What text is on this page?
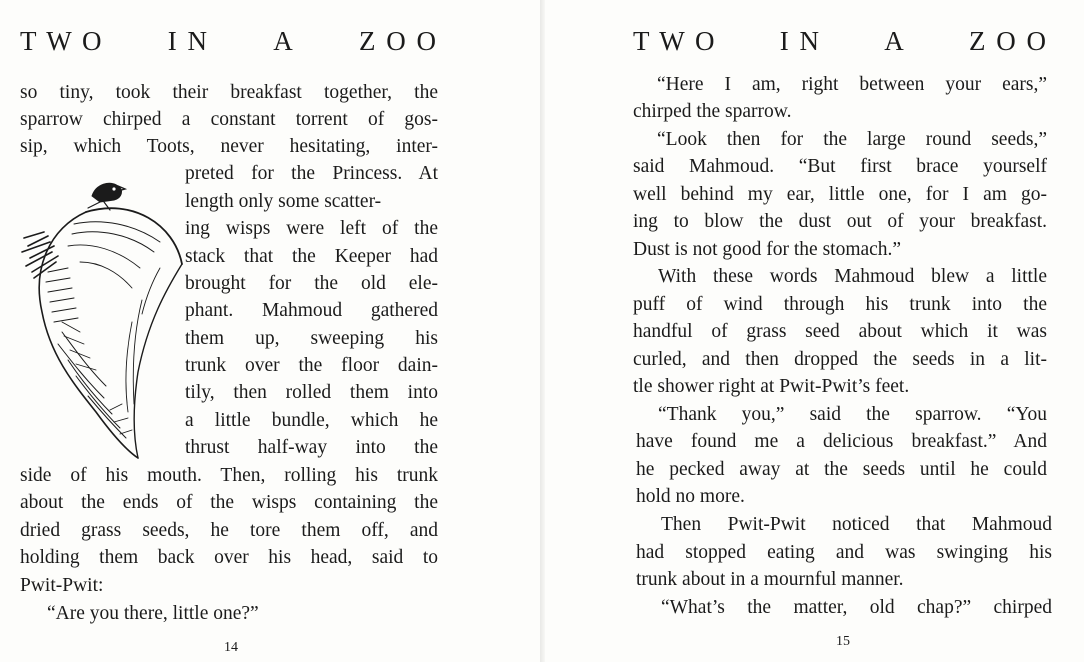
T W O I N A Z O O	T W O I N A Z O O
so tiny, took their breakfast together, the
sparrow chirped a constant torrent of gos-
sip, which Toots, never hesitating, inter-
preted for the Princess. At
length only some scatter-
ing wisps were left of the
stack that the Keeper had
brought for the old ele-
phant. Mahmoud gathered
them up, sweeping his
trunk over the floor dain-
tily, then rolled them into
a little bundle, which he
thrust half-way into the
side of his mouth. Then, rolling his trunk
about the ends of the wisps containing the
dried grass seeds, he tore them off, and
holding them back over his head, said to
Pwit-Pwit:
“Are you there, little one?”
“Here I am, right between your ears,”
chirped the sparrow.
“Look then for the large round seeds,”
said Mahmoud. “But first brace yourself
well behind my ear, little one, for I am go-
ing to blow the dust out of your breakfast.
Dust is not good for the stomach.”
With these words Mahmoud blew a little
puff of wind through his trunk into the
handful of grass seed about which it was
curled, and then dropped the seeds in a lit-
tle shower right at Pwit-Pwit’s feet.
“Thank you,” said the sparrow. “You
have found me a delicious breakfast.” And
he pecked away at the seeds until he could
hold no more.
Then Pwit-Pwit noticed that Mahmoud
had stopped eating and was swinging his
trunk about in a mournful manner.
“What’s the matter, old chap?” chirped
14	15
